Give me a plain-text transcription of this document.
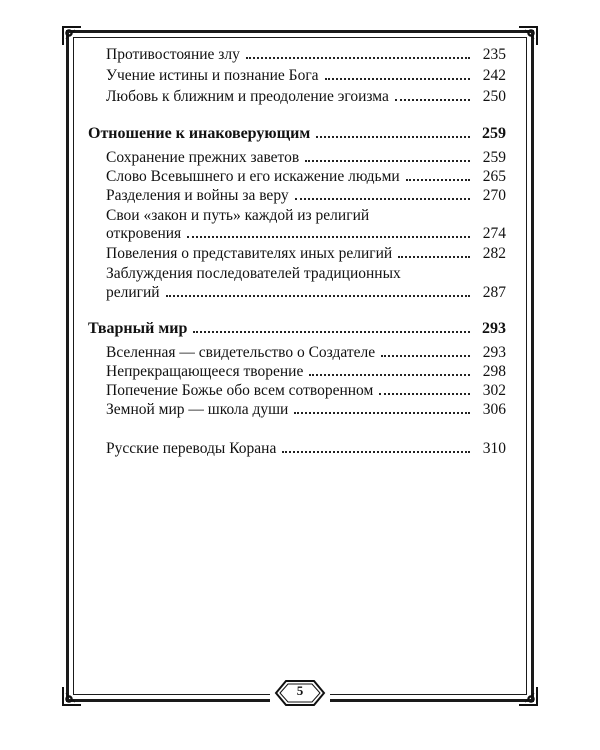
5
Противостояние злу	235
Учение истины и познание Бога	242
Любовь к ближним и преодоление эгоизма	250
Отношение к инаковерующим	259
Сохранение прежних заветов	259
Слово Всевышнего и его искажение людьми	265
Разделения и войны за веру	270
Свои «закон и путь» каждой из религий
откровения	274
Повеления о представителях иных религий	282
Заблуждения последователей традиционных
религий	287
Тварный мир	293
Вселенная — свидетельство о Создателе	293
Непрекращающееся творение	298
Попечение Божье обо всем сотворенном	302
Земной мир — школа души	306
Русские переводы Корана	310
